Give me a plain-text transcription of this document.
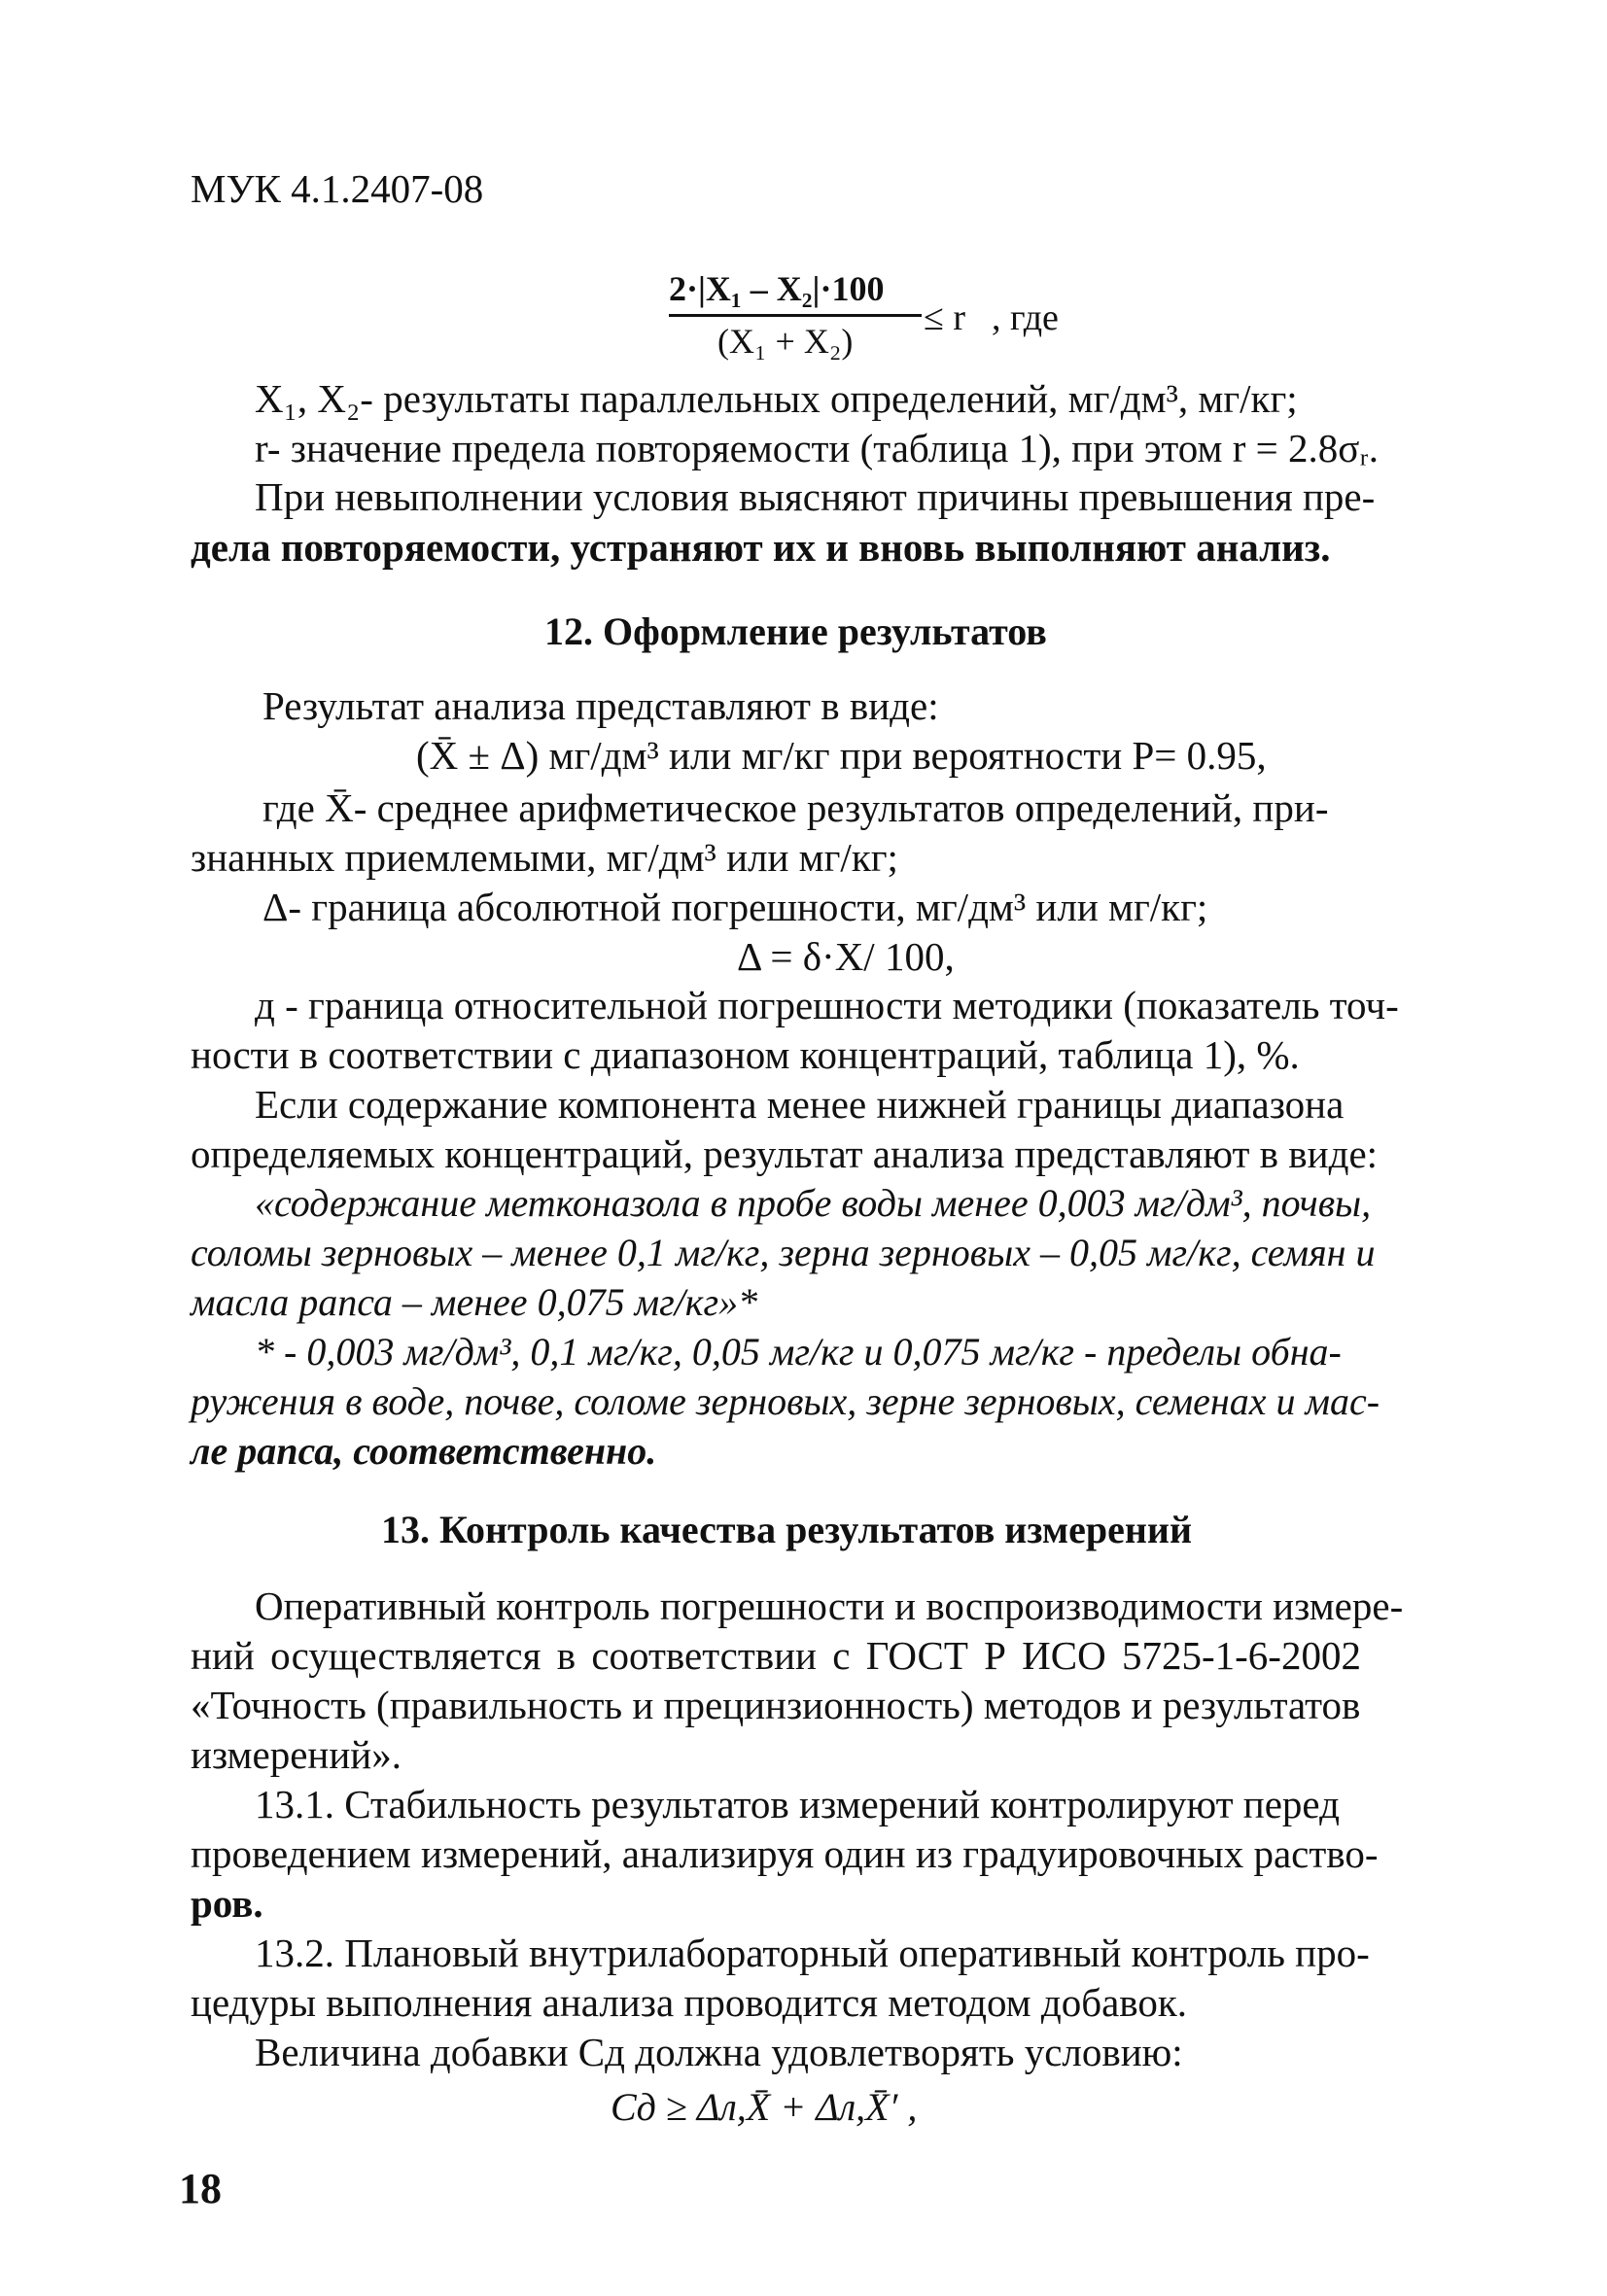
МУК 4.1.2407-08
2·|X₁ – X₂|·100
(X₁ + X₂)
≤ r , где
X₁, X₂- результаты параллельных определений, мг/дм³, мг/кг;
r- значение предела повторяемости (таблица 1), при этом r = 2.8σᵣ.
При невыполнении условия выясняют причины превышения пре-
дела повторяемости, устраняют их и вновь выполняют анализ.
12. Оформление результатов
Результат анализа представляют в виде:
(X̄ ± Δ) мг/дм³ или мг/кг при вероятности P= 0.95,
где X̄- среднее арифметическое результатов определений, при-
знанных приемлемыми, мг/дм³ или мг/кг;
Δ- граница абсолютной погрешности, мг/дм³ или мг/кг;
Δ = δ·X/ 100,
д - граница относительной погрешности методики (показатель точ-
ности в соответствии с диапазоном концентраций, таблица 1), %.
Если содержание компонента менее нижней границы диапазона
определяемых концентраций, результат анализа представляют в виде:
«содержание метконазола в пробе воды менее 0,003 мг/дм³, почвы,
соломы зерновых – менее 0,1 мг/кг, зерна зерновых – 0,05 мг/кг, семян и
масла рапса – менее 0,075 мг/кг»*
* - 0,003 мг/дм³, 0,1 мг/кг, 0,05 мг/кг и 0,075 мг/кг - пределы обна-
ружения в воде, почве, соломе зерновых, зерне зерновых, семенах и мас-
ле рапса, соответственно.
13. Контроль качества результатов измерений
Оперативный контроль погрешности и воспроизводимости измере-
ний осуществляется в соответствии с ГОСТ Р ИСО 5725-1-6-2002
«Точность (правильность и прецинзионность) методов и результатов
измерений».
13.1. Стабильность результатов измерений контролируют перед
проведением измерений, анализируя один из градуировочных раство-
ров.
13.2. Плановый внутрилабораторный оперативный контроль про-
цедуры выполнения анализа проводится методом добавок.
Величина добавки Cд должна удовлетворять условию:
Cд ≥ Δл,X̄ + Δл,X̄′ ,
18
